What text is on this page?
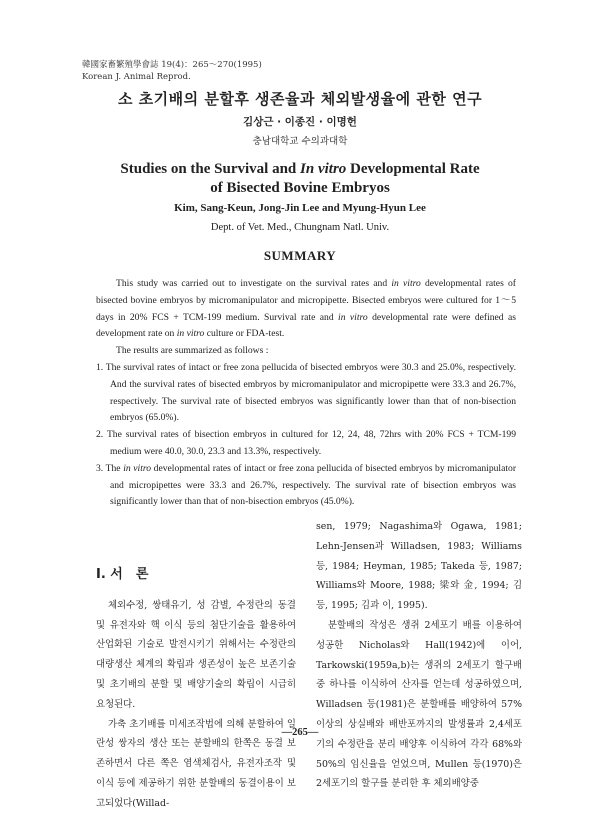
韓國家畜繁殖學會誌 19(4)：265～270(1995)
Korean J. Animal Reprod.
소 초기배의 분할후 생존율과 체외발생율에 관한 연구
김상근 · 이종진 · 이명헌
충남대학교 수의과대학
Studies on the Survival and In vitro Developmental Rate
of Bisected Bovine Embryos
Kim, Sang-Keun, Jong-Jin Lee and Myung-Hyun Lee
Dept. of Vet. Med., Chungnam Natl. Univ.
SUMMARY

This study was carried out to investigate on the survival rates and in vitro developmental rates of bisected bovine embryos by micromanipulator and micropipette. Bisected embryos were cultured for 1～5 days in 20% FCS + TCM-199 medium. Survival rate and in vitro developmental rate were defined as development rate on in vitro culture or FDA-test.

The results are summarized as follows :

1. The survival rates of intact or free zona pellucida of bisected embryos were 30.3 and 25.0%, respectively. And the survival rates of bisected embryos by micromanipulator and micropipette were 33.3 and 26.7%, respectively. The survival rate of bisected embryos was significantly lower than that of non-bisection embryos (65.0%).

2. The survival rates of bisection embryos in cultured for 12, 24, 48, 72hrs with 20% FCS + TCM-199 medium were 40.0, 30.0, 23.3 and 13.3%, respectively.

3. The in vitro developmental rates of intact or free zona pellucida of bisected embryos by micromanipulator and micropipettes were 33.3 and 26.7%, respectively. The survival rate of bisection embryos was significantly lower than that of non-bisection embryos (45.0%).

Ⅰ. 서　론

체외수정, 쌍태유기, 성 감별, 수정란의 동결 및 유전자와 핵 이식 등의 첨단기술을 활용하여 산업화된 기술로 발전시키기 위해서는 수정란의 대량생산 체계의 확립과 생존성이 높은 보존기술 및 초기배의 분할 및 배양기술의 확립이 시급히 요청된다.

가축 초기배를 미세조작법에 의해 분할하여 일란성 쌍자의 생산 또는 분할배의 한쪽은 동결 보존하면서 다른 쪽은 염색체검사, 유전자조작 및 이식 등에 제공하기 위한 분할배의 동결이용이 보고되었다(Willad-

sen, 1979; Nagashima와 Ogawa, 1981; Lehn-Jensen과 Willadsen, 1983; Williams 등, 1984; Heyman, 1985; Takeda 등, 1987; Williams와 Moore, 1988; 梁와 金, 1994; 김 등, 1995; 김과 이, 1995).

분할배의 작성은 생쥐 2세포기 배를 이용하여 성공한 Nicholas와 Hall(1942)에 이어, Tarkowski(1959a,b)는 생쥐의 2세포기 할구배중 하나를 이식하여 산자를 얻는데 성공하였으며, Willadsen 등(1981)은 분할배를 배양하여 57% 이상의 상실배와 배반포까지의 발생률과 2,4세포기의 수정란을 분리 배양후 이식하여 각각 68%와 50%의 임신율을 얻었으며, Mullen 등(1970)은 2세포기의 할구를 분리한 후 체외배양중

—265—
